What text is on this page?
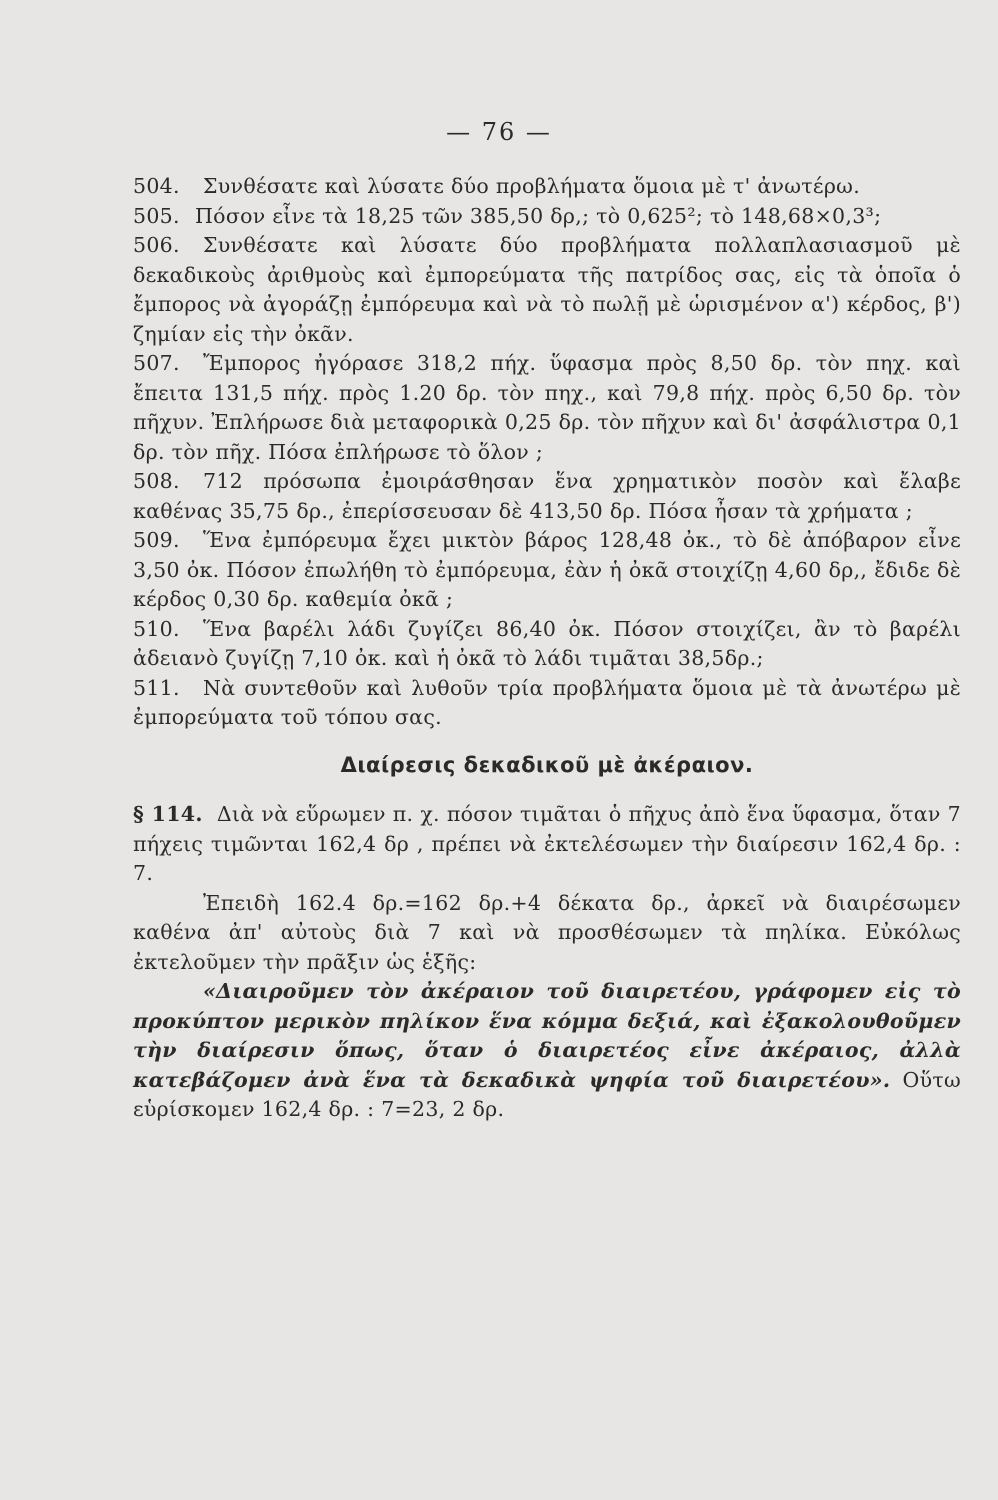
— 76 —

504.	Συνθέσατε καὶ λύσατε δύο προβλήματα ὅμοια μὲ τ' ἀνωτέρω.

505. Πόσον εἶνε τὰ 18,25 τῶν 385,50 δρ,; τὸ 0,625²; τὸ 148,68×0,3³;

506.	Συνθέσατε καὶ λύσατε δύο προβλήματα πολλαπλασιασμοῦ μὲ δεκαδικοὺς ἀριθμοὺς καὶ ἐμπορεύματα τῆς πατρίδος σας, εἰς τὰ ὁποῖα ὁ ἔμπορος νὰ ἀγοράζῃ ἐμπόρευμα καὶ νὰ τὸ πωλῇ μὲ ὡρισμένον α') κέρδος, β') ζημίαν εἰς τὴν ὀκᾶν.

507.	Ἔμπορος ἠγόρασε 318,2 πήχ. ὕφασμα πρὸς 8,50 δρ. τὸν πηχ. καὶ ἔπειτα 131,5 πήχ. πρὸς 1.20 δρ. τὸν πηχ., καὶ 79,8 πήχ. πρὸς 6,50 δρ. τὸν πῆχυν. Ἐπλήρωσε διὰ μεταφορικὰ 0,25 δρ. τὸν πῆχυν καὶ δι' ἀσφάλιστρα 0,1 δρ. τὸν πῆχ. Πόσα ἐπλήρωσε τὸ ὅλον ;

508.	712 πρόσωπα ἐμοιράσθησαν ἕνα χρηματικὸν ποσὸν καὶ ἔλαβε καθένας 35,75 δρ., ἐπερίσσευσαν δὲ 413,50 δρ. Πόσα ἦσαν τὰ χρήματα ;

509.	Ἕνα ἐμπόρευμα ἔχει μικτὸν βάρος 128,48 ὀκ., τὸ δὲ ἀπόβαρον εἶνε 3,50 ὀκ. Πόσον ἐπωλήθη τὸ ἐμπόρευμα, ἐὰν ἡ ὀκᾶ στοιχίζῃ 4,60 δρ,, ἔδιδε δὲ κέρδος 0,30 δρ. καθεμία ὀκᾶ ;

510.	Ἕνα βαρέλι λάδι ζυγίζει 86,40 ὀκ. Πόσον στοιχίζει, ἂν τὸ βαρέλι ἀδειανὸ ζυγίζῃ 7,10 ὀκ. καὶ ἡ ὀκᾶ τὸ λάδι τιμᾶται 38,5δρ.;

511.	Νὰ συντεθοῦν καὶ λυθοῦν τρία προβλήματα ὅμοια μὲ τὰ ἀνωτέρω μὲ ἐμπορεύματα τοῦ τόπου σας.

Διαίρεσις δεκαδικοῦ μὲ ἀκέραιον.

§ 114. Διὰ νὰ εὕρωμεν π. χ. πόσον τιμᾶται ὁ πῆχυς ἀπὸ ἕνα ὕφασμα, ὅταν 7 πήχεις τιμῶνται 162,4 δρ , πρέπει νὰ ἐκτελέσωμεν τὴν διαίρεσιν 162,4 δρ. : 7.

Ἐπειδὴ 162.4 δρ.=162 δρ.+4 δέκατα δρ., ἀρκεῖ νὰ διαιρέσωμεν καθένα ἀπ' αὐτοὺς διὰ 7 καὶ νὰ προσθέσωμεν τὰ πηλίκα. Εὐκόλως ἐκτελοῦμεν τὴν πρᾶξιν ὡς ἑξῆς:

«Διαιροῦμεν τὸν ἀκέραιον τοῦ διαιρετέου, γράφομεν εἰς τὸ προκύπτον μερικὸν πηλίκον ἕνα κόμμα δεξιά, καὶ ἐξακολουθοῦμεν τὴν διαίρεσιν ὅπως, ὅταν ὁ διαιρετέος εἶνε ἀκέραιος, ἀλλὰ κατεβάζομεν ἀνὰ ἕνα τὰ δεκαδικὰ ψηφία τοῦ διαιρετέου». Οὕτω εὑρίσκομεν 162,4 δρ. : 7=23, 2 δρ.
